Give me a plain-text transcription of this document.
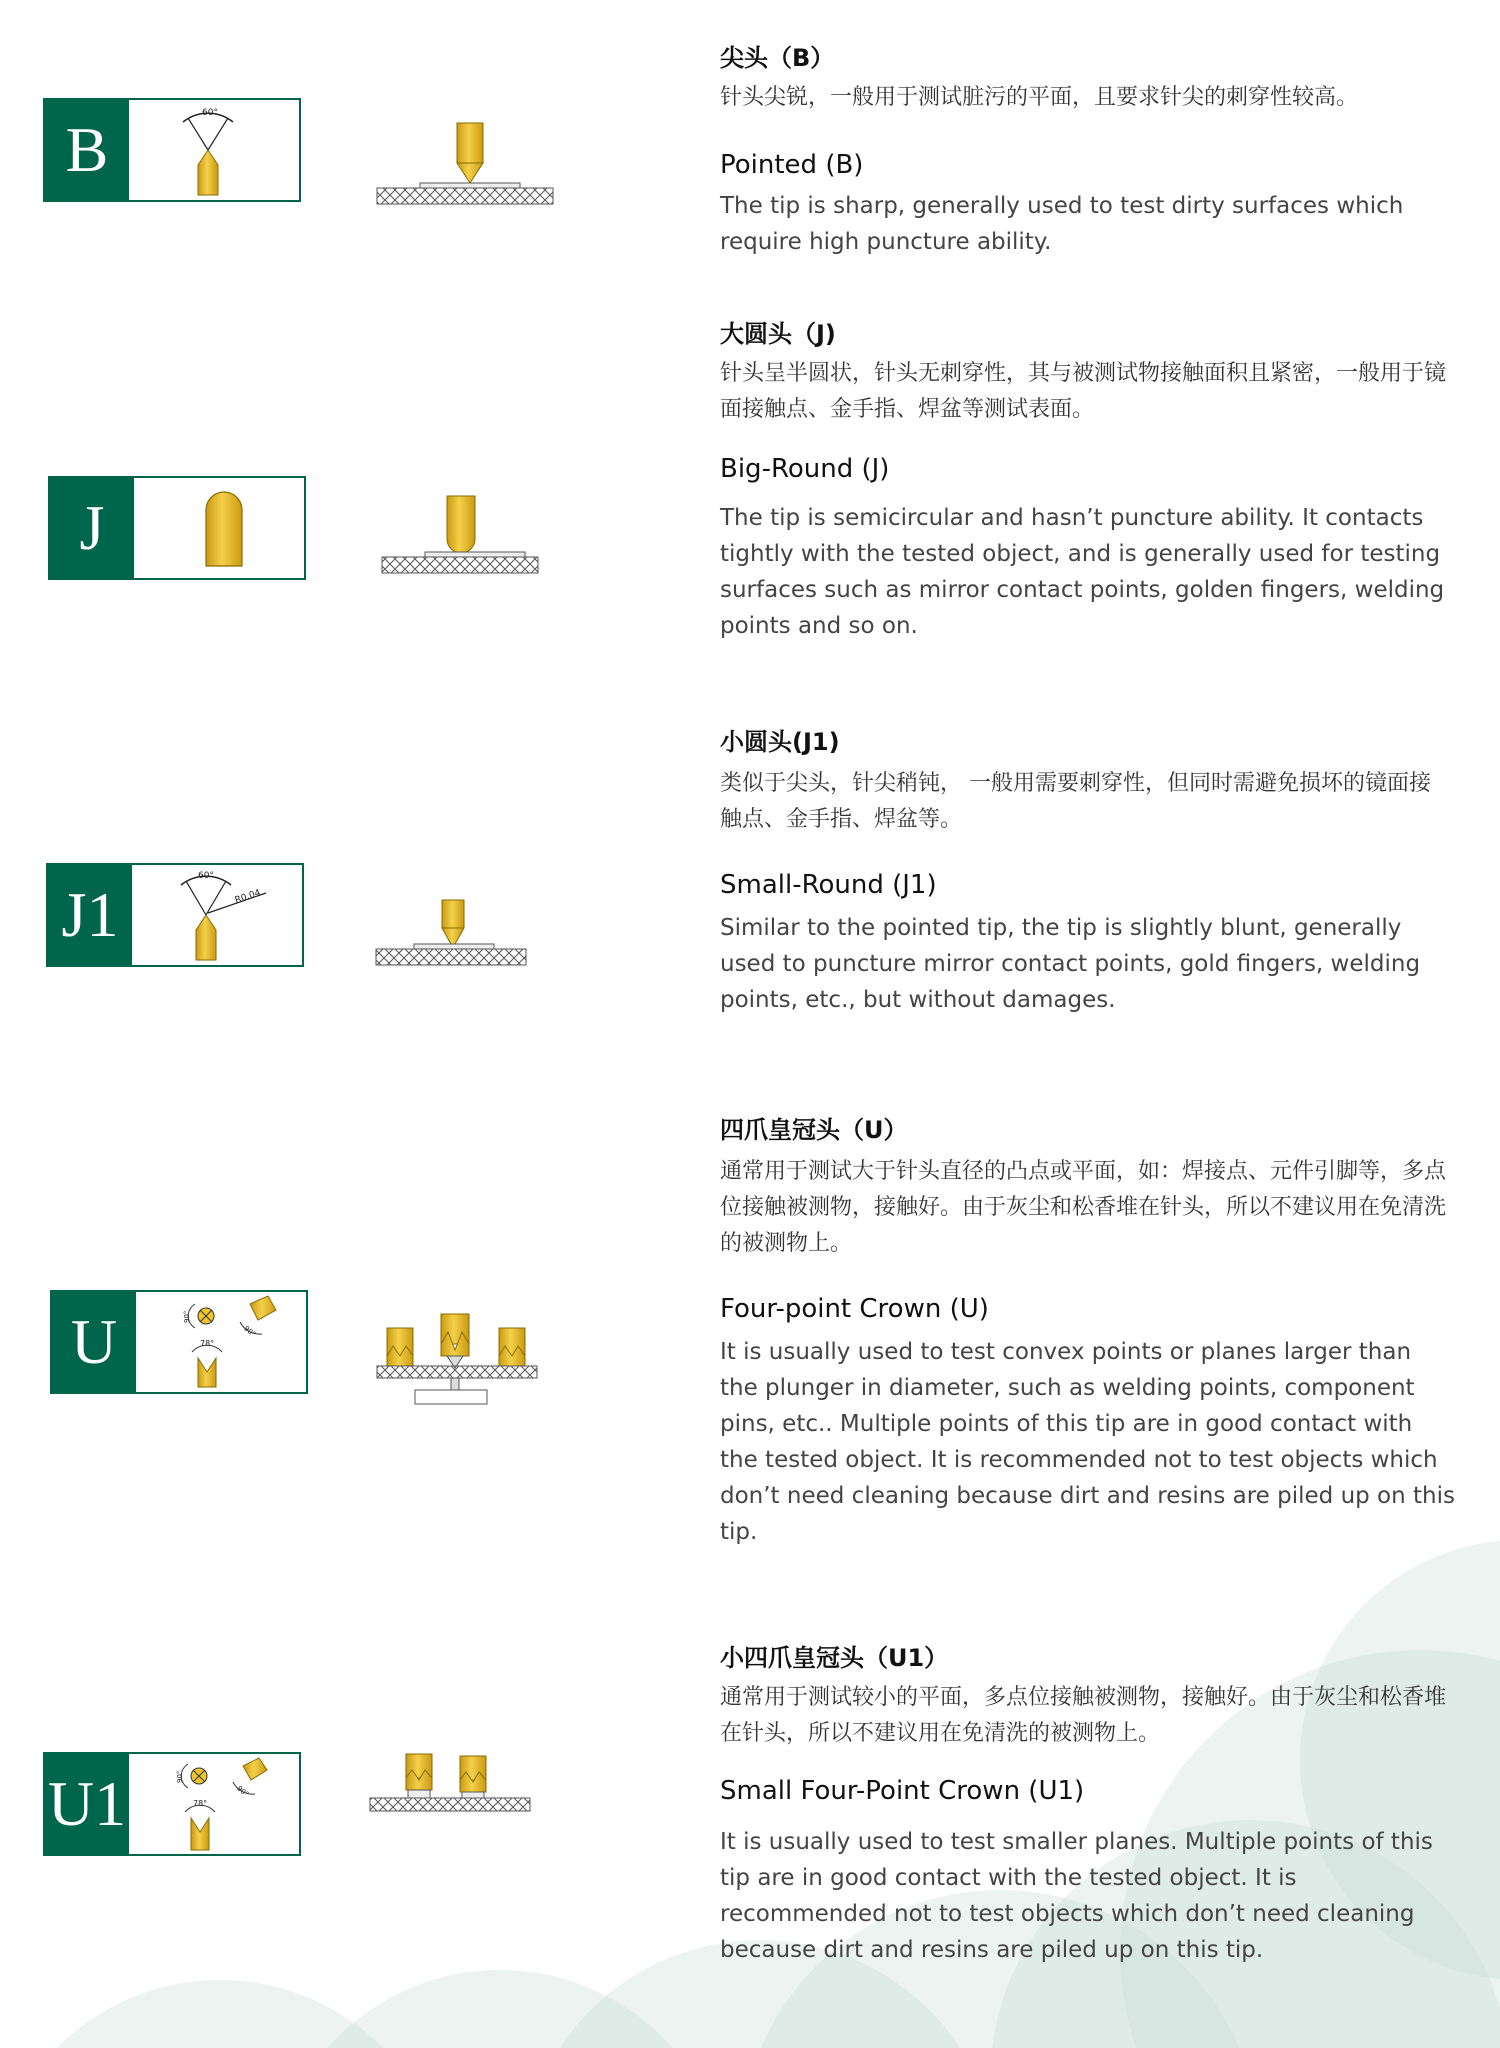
B
60°
尖头（B）
针头尖锐，一般用于测试脏污的平面，且要求针尖的刺穿性较高。
Pointed (B)
The tip is sharp, generally used to test dirty surfaces which require high puncture ability.
J
大圆头（J)
针头呈半圆状，针头无刺穿性，其与被测试物接触面积且紧密，一般用于镜面接触点、金手指、焊盆等测试表面。
Big-Round (J)
The tip is semicircular and hasn’t puncture ability. It contacts tightly with the tested object, and is generally used for testing surfaces such as mirror contact points, golden fingers, welding points and so on.
J1
60°
R0.04
小圆头(J1)
类似于尖头，针尖稍钝， 一般用需要刺穿性，但同时需避免损坏的镜面接触点、金手指、焊盆等。
Small-Round (J1)
Similar to the pointed tip, the tip is slightly blunt, generally used to puncture mirror contact points, gold fingers, welding points, etc., but without damages.
U	90°
90°
78°
四爪皇冠头（U）
通常用于测试大于针头直径的凸点或平面，如：焊接点、元件引脚等，多点位接触被测物，接触好。由于灰尘和松香堆在针头，所以不建议用在免清洗的被测物上。
Four-point Crown (U)
It is usually used to test convex points or planes larger than the plunger in diameter, such as welding points, component pins, etc.. Multiple points of this tip are in good contact with the tested object. It is recommended not to test objects which don’t need cleaning because dirt and resins are piled up on this tip.
U1	90°
90°
78°
小四爪皇冠头（U1）
通常用于测试较小的平面，多点位接触被测物，接触好。由于灰尘和松香堆在针头，所以不建议用在免清洗的被测物上。
Small Four-Point Crown (U1)
It is usually used to test smaller planes. Multiple points of this tip are in good contact with the tested object. It is recommended not to test objects which don’t need cleaning because dirt and resins are piled up on this tip.
